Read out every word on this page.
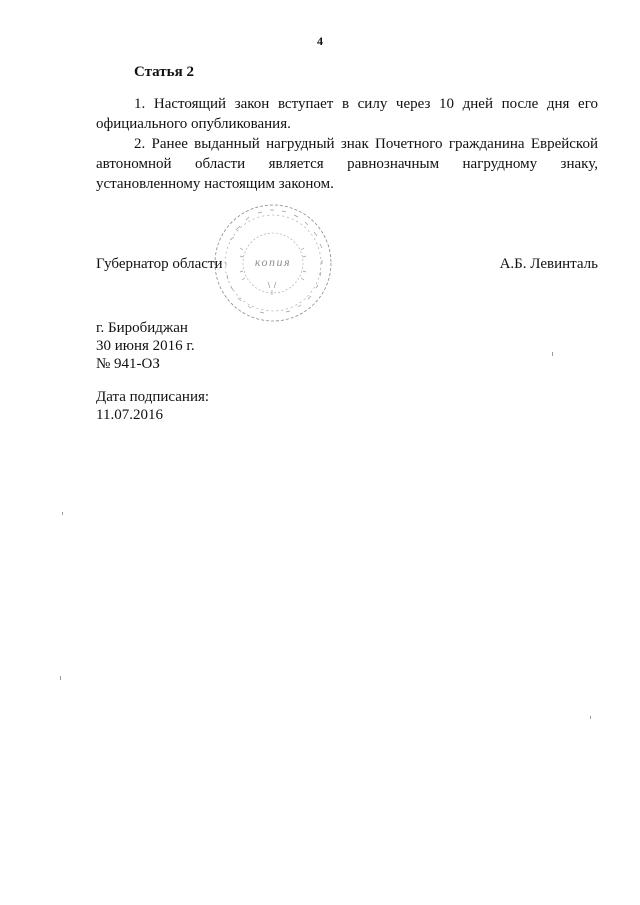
4
Статья 2
1. Настоящий закон вступает в силу через 10 дней после дня его
официального опубликования.
2. Ранее выданный нагрудный знак Почетного гражданина Еврейской
автономной области является равнозначным нагрудному знаку,
установленному настоящим законом.
копия
Губернатор области	А.Б. Левинталь
г. Биробиджан
30 июня 2016 г.
№ 941-ОЗ
Дата подписания:
11.07.2016
